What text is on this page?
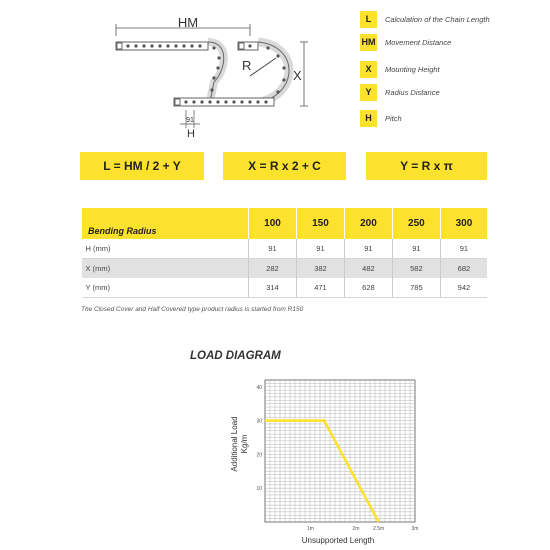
HM
R
X
91
H
L	Calculation of the Chain Length
HM Movement Distance
X	Mounting Height
Y	Radius Distance
H	Pitch
L = HM / 2 + Y	X = R x 2 + C	Y = R x π
Bending Radius	100	150	200	250	300
H (mm)	91	91	91	91	91
X (mm)	282	382	482	582	682
Y (mm)	314	471	628	785	942
The Closed Cover and Half Covered type product radius is started from R150
LOAD DIAGRAM
Additional Load Kg/m
Unsupported Length
10
20
30
40
1m	2m	2.5m	3m
